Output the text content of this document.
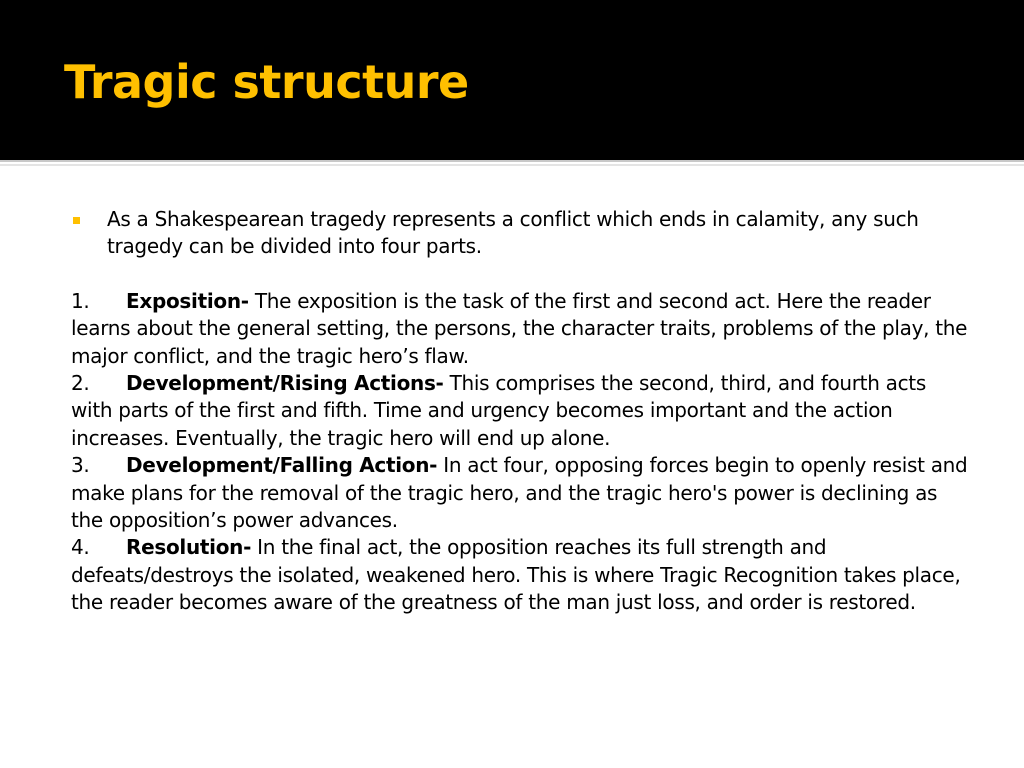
Tragic structure
As a Shakespearean tragedy represents a conflict which ends in calamity, any such tragedy can be divided into four parts.

1. Exposition- The exposition is the task of the first and second act. Here the reader learns about the general setting, the persons, the character traits, problems of the play, the major conflict, and the tragic hero’s flaw.

2. Development/Rising Actions- This comprises the second, third, and fourth acts with parts of the first and fifth. Time and urgency becomes important and the action increases. Eventually, the tragic hero will end up alone.

3. Development/Falling Action- In act four, opposing forces begin to openly resist and make plans for the removal of the tragic hero, and the tragic hero's power is declining as the opposition’s power advances.

4. Resolution- In the final act, the opposition reaches its full strength and defeats/destroys the isolated, weakened hero. This is where Tragic Recognition takes place, the reader becomes aware of the greatness of the man just loss, and order is restored.
